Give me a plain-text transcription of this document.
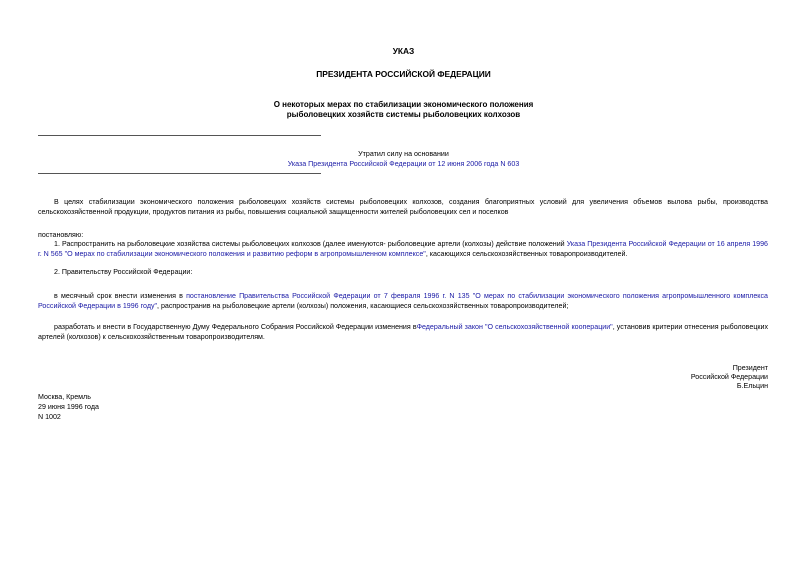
УКАЗ
ПРЕЗИДЕНТА РОССИЙСКОЙ ФЕДЕРАЦИИ
О некоторых мерах по стабилизации экономического положения
рыболовецких хозяйств системы рыболовецких колхозов
Утратил силу на основании
Указа Президента Российской Федерации от 12 июня 2006 года N 603
В целях стабилизации экономического положения рыболовецких хозяйств системы рыболовецких колхозов, создания благоприятных условий для увеличения объемов вылова рыбы, производства сельскохозяйственной продукции, продуктов питания из рыбы, повышения социальной защищенности жителей рыболовецких сел и поселков
постановляю:
1. Распространить на рыболовецкие хозяйства системы рыболовецких колхозов (далее именуются- рыболовецкие артели (колхозы) действие положений Указа Президента Российской Федерации от 16 апреля 1996 г. N 565 "О мерах по стабилизации экономического положения и развитию реформ в агропромышленном комплексе", касающихся сельскохозяйственных товаропроизводителей.
2. Правительству Российской Федерации:
в месячный срок внести изменения в постановление Правительства Российской Федерации от 7 февраля 1996 г. N 135 "О мерах по стабилизации экономического положения агропромышленного комплекса Российской Федерации в 1996 году", распространив на рыболовецкие артели (колхозы) положения, касающиеся сельскохозяйственных товаропроизводителей;
разработать и внести в Государственную Думу Федерального Собрания Российской Федерации изменения вФедеральный закон "О сельскохозяйственной кооперации", установив критерии отнесения рыболовецких артелей (колхозов) к сельскохозяйственным товаропроизводителям.
Президент
Российской Федерации
Б.Ельцин
Москва, Кремль
29 июня 1996 года
N 1002
